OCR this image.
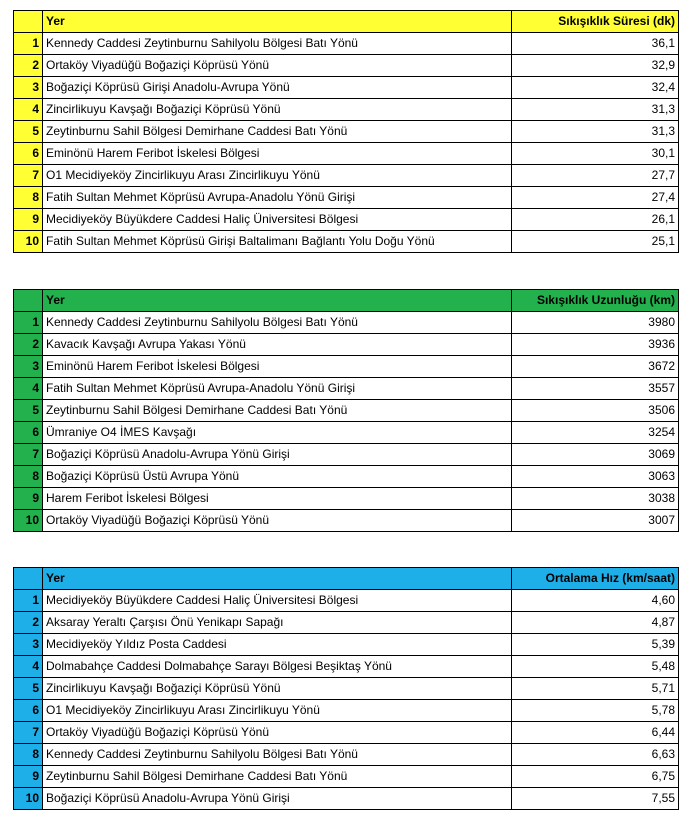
	Yer	Sıkışıklık Süresi (dk)
1	Kennedy Caddesi Zeytinburnu Sahilyolu Bölgesi Batı Yönü	36,1
2	Ortaköy Viyadüğü Boğaziçi Köprüsü Yönü	32,9
3	Boğaziçi Köprüsü Girişi Anadolu-Avrupa Yönü	32,4
4	Zincirlikuyu Kavşağı Boğaziçi Köprüsü Yönü	31,3
5	Zeytinburnu Sahil Bölgesi Demirhane Caddesi Batı Yönü	31,3
6	Eminönü Harem Feribot İskelesi Bölgesi	30,1
7	O1 Mecidiyeköy Zincirlikuyu Arası Zincirlikuyu Yönü	27,7
8	Fatih Sultan Mehmet Köprüsü Avrupa-Anadolu Yönü Girişi	27,4
9	Mecidiyeköy Büyükdere Caddesi Haliç Üniversitesi Bölgesi	26,1
10	Fatih Sultan Mehmet Köprüsü Girişi Baltalimanı Bağlantı Yolu Doğu Yönü	25,1
	Yer	Sıkışıklık Uzunluğu (km)
1	Kennedy Caddesi Zeytinburnu Sahilyolu Bölgesi Batı Yönü	3980
2	Kavacık Kavşağı Avrupa Yakası Yönü	3936
3	Eminönü Harem Feribot İskelesi Bölgesi	3672
4	Fatih Sultan Mehmet Köprüsü Avrupa-Anadolu Yönü Girişi	3557
5	Zeytinburnu Sahil Bölgesi Demirhane Caddesi Batı Yönü	3506
6	Ümraniye O4 İMES Kavşağı	3254
7	Boğaziçi Köprüsü Anadolu-Avrupa Yönü Girişi	3069
8	Boğaziçi Köprüsü Üstü Avrupa Yönü	3063
9	Harem Feribot İskelesi Bölgesi	3038
10	Ortaköy Viyadüğü Boğaziçi Köprüsü Yönü	3007
	Yer	Ortalama Hız (km/saat)
1	Mecidiyeköy Büyükdere Caddesi Haliç Üniversitesi Bölgesi	4,60
2	Aksaray Yeraltı Çarşısı Önü Yenikapı Sapağı	4,87
3	Mecidiyeköy Yıldız Posta Caddesi	5,39
4	Dolmabahçe Caddesi Dolmabahçe Sarayı Bölgesi Beşiktaş Yönü	5,48
5	Zincirlikuyu Kavşağı Boğaziçi Köprüsü Yönü	5,71
6	O1 Mecidiyeköy Zincirlikuyu Arası Zincirlikuyu Yönü	5,78
7	Ortaköy Viyadüğü Boğaziçi Köprüsü Yönü	6,44
8	Kennedy Caddesi Zeytinburnu Sahilyolu Bölgesi Batı Yönü	6,63
9	Zeytinburnu Sahil Bölgesi Demirhane Caddesi Batı Yönü	6,75
10	Boğaziçi Köprüsü Anadolu-Avrupa Yönü Girişi	7,55
